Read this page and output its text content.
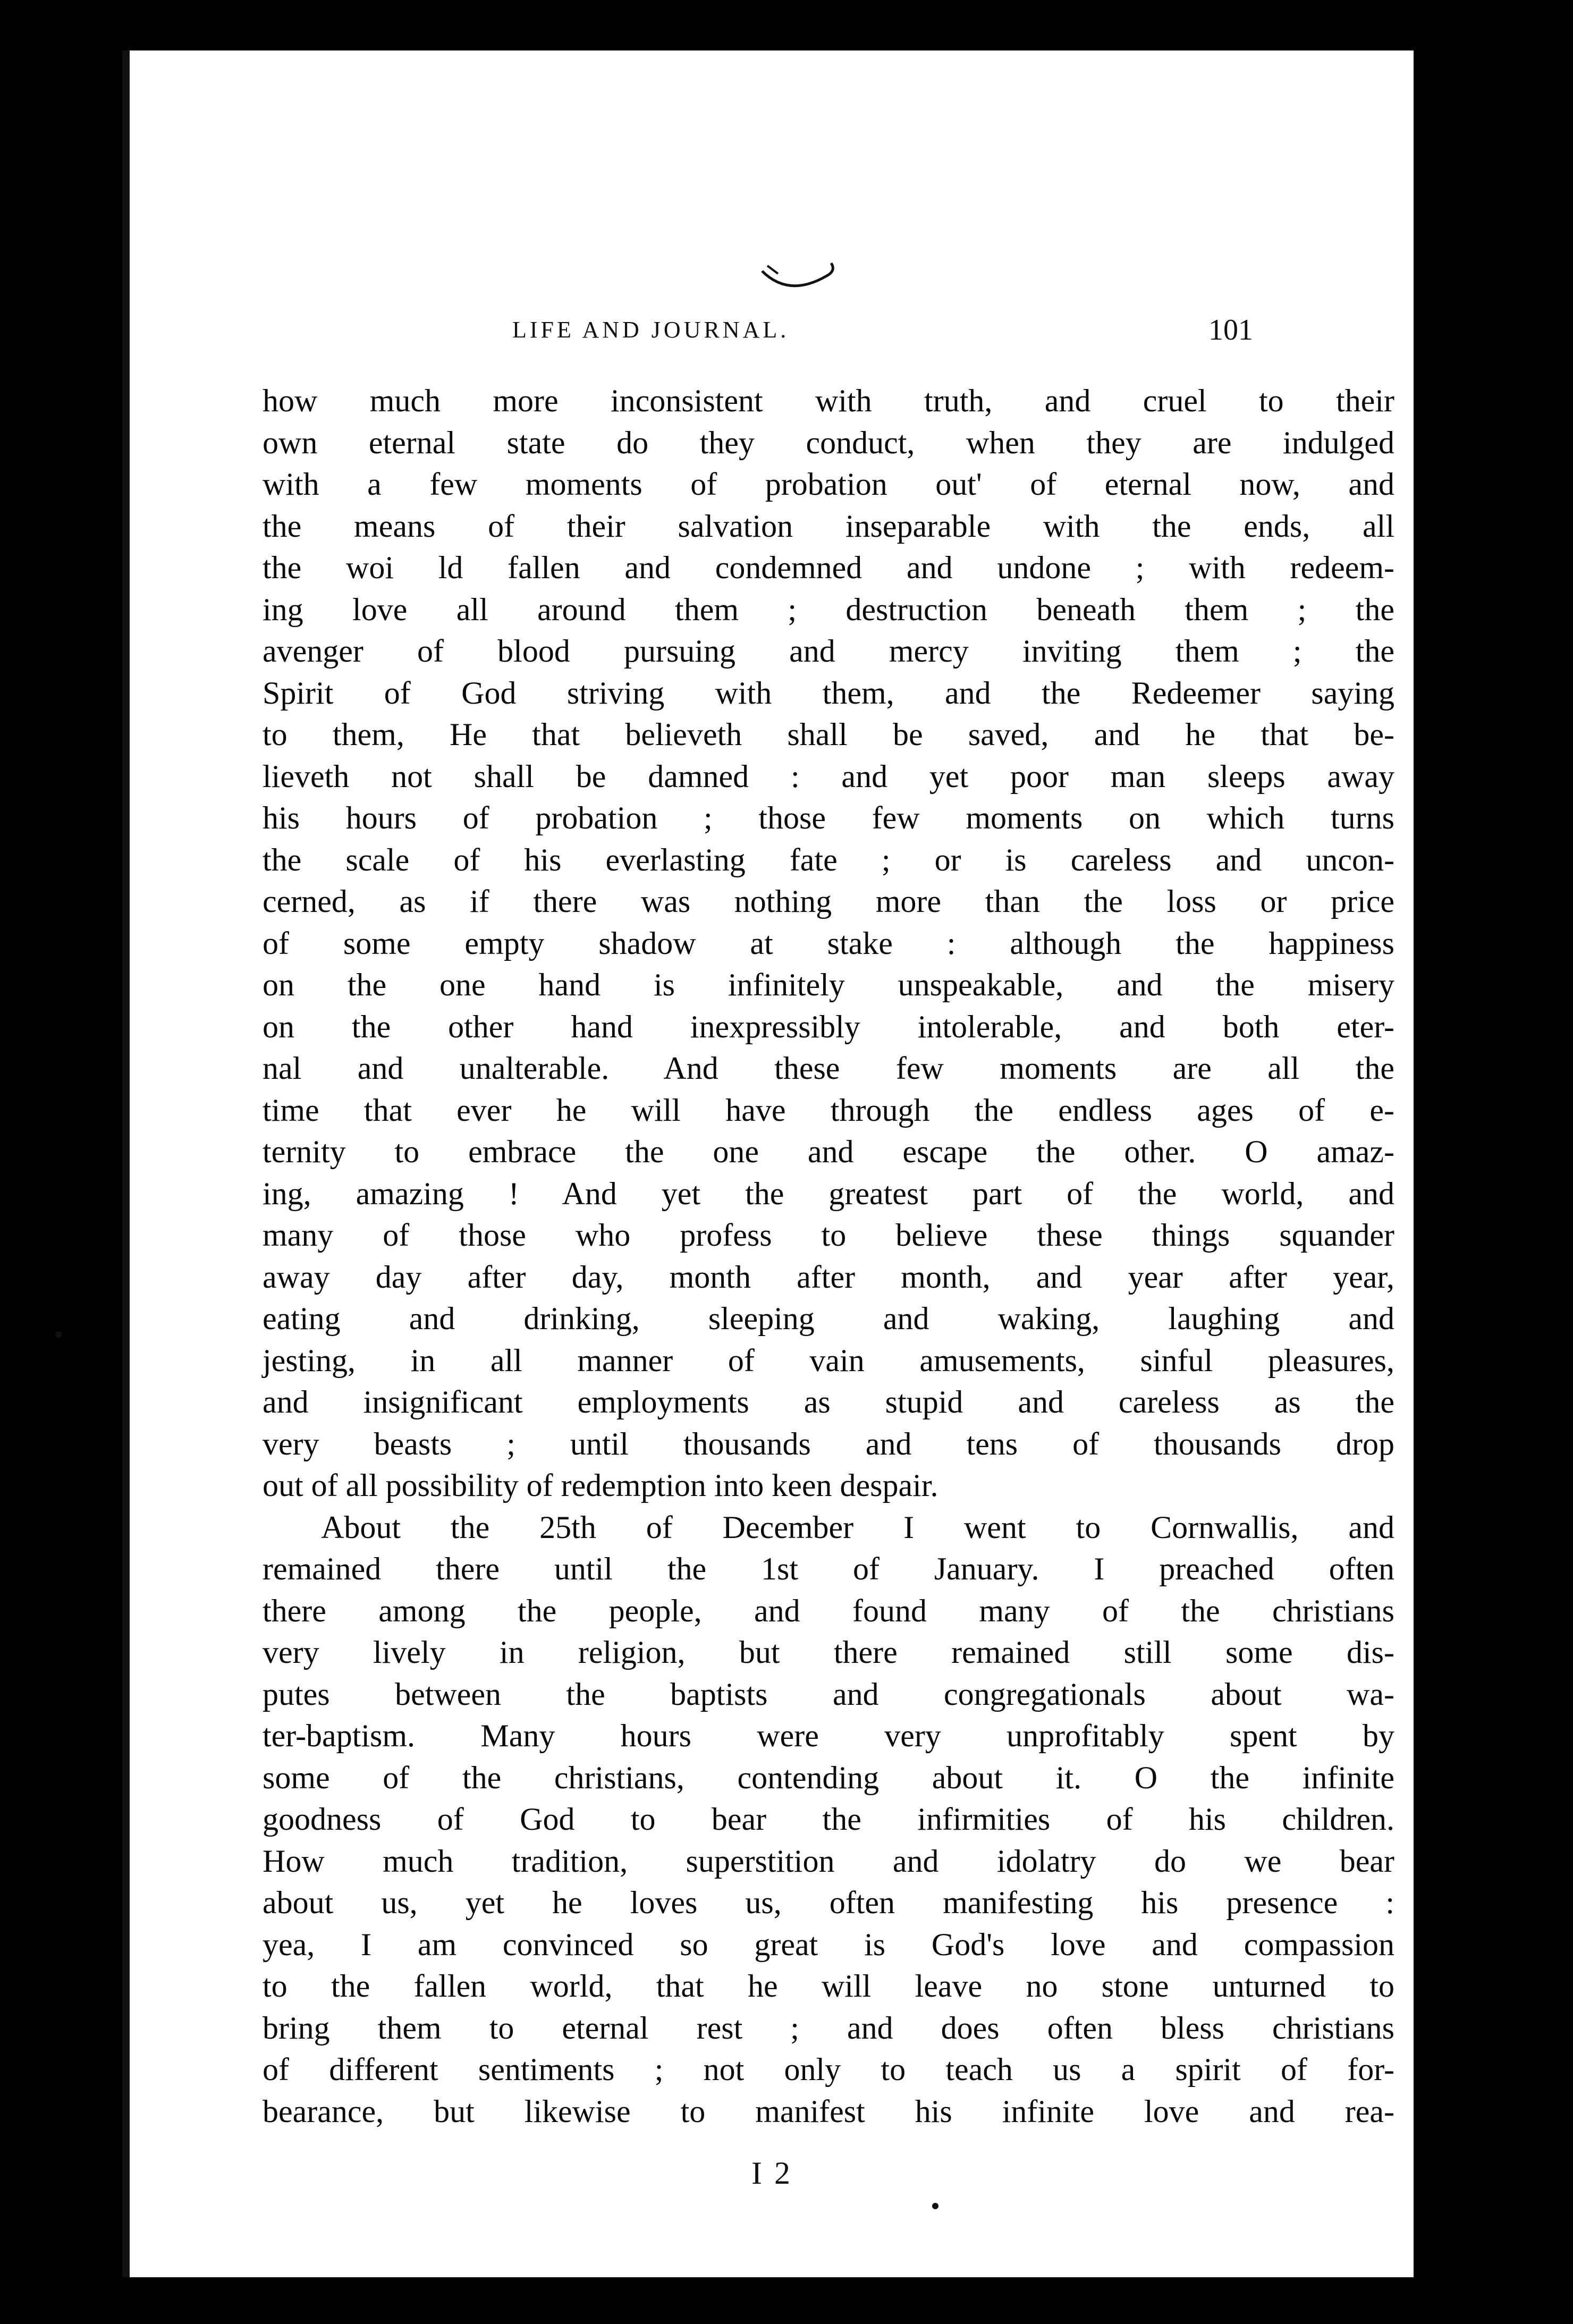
LIFE AND JOURNAL.	101
how much more inconsistent with truth, and cruel to their
own eternal state do they conduct, when they are indulged
with a few moments of probation out' of eternal now, and
the means of their salvation inseparable with the ends, all
the woi ld fallen and condemned and undone ; with redeem-
ing love all around them ; destruction beneath them ; the
avenger of blood pursuing and mercy inviting them ; the
Spirit of God striving with them, and the Redeemer saying
to them, He that believeth shall be saved, and he that be-
lieveth not shall be damned : and yet poor man sleeps away
his hours of probation ; those few moments on which turns
the scale of his everlasting fate ; or is careless and uncon-
cerned, as if there was nothing more than the loss or price
of some empty shadow at stake : although the happiness
on the one hand is infinitely unspeakable, and the misery
on the other hand inexpressibly intolerable, and both eter-
nal and unalterable. And these few moments are all the
time that ever he will have through the endless ages of e-
ternity to embrace the one and escape the other. O amaz-
ing, amazing ! And yet the greatest part of the world, and
many of those who profess to believe these things squander
away day after day, month after month, and year after year,
eating and drinking, sleeping and waking, laughing and
jesting, in all manner of vain amusements, sinful pleasures,
and insignificant employments as stupid and careless as the
very beasts ; until thousands and tens of thousands drop
out of all possibility of redemption into keen despair.
About the 25th of December I went to Cornwallis, and
remained there until the 1st of January. I preached often
there among the people, and found many of the christians
very lively in religion, but there remained still some dis-
putes between the baptists and congregationals about wa-
ter-baptism. Many hours were very unprofitably spent by
some of the christians, contending about it. O the infinite
goodness of God to bear the infirmities of his children.
How much tradition, superstition and idolatry do we bear
about us, yet he loves us, often manifesting his presence :
yea, I am convinced so great is God's love and compassion
to the fallen world, that he will leave no stone unturned to
bring them to eternal rest ; and does often bless christians
of different sentiments ; not only to teach us a spirit of for-
bearance, but likewise to manifest his infinite love and rea-
I 2
